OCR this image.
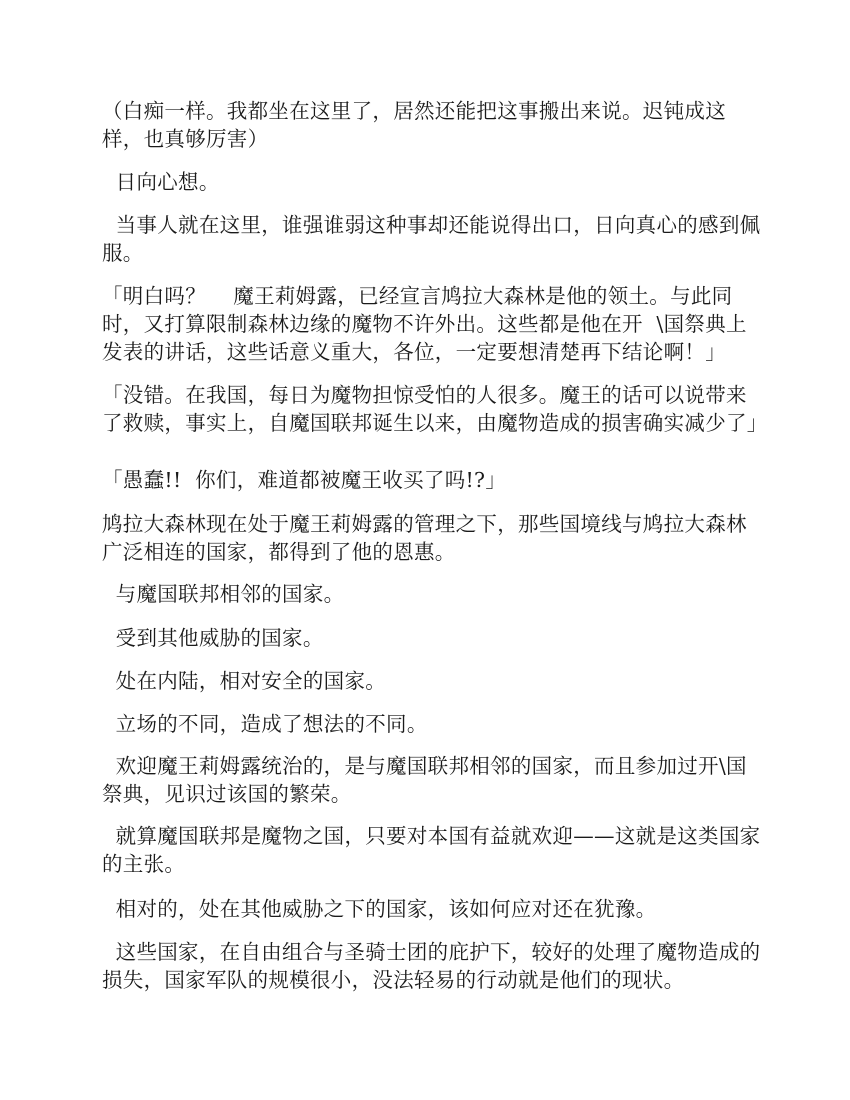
（白痴一样。我都坐在这里了，居然还能把这事搬出来说。迟钝成这样，也真够厉害）

日向心想。

当事人就在这里，谁强谁弱这种事却还能说得出口，日向真心的感到佩服。

「明白吗？    魔王莉姆露，已经宣言鸠拉大森林是他的领土。与此同时，又打算限制森林边缘的魔物不许外出。这些都是他在开  \国祭典上发表的讲话，这些话意义重大，各位，一定要想清楚再下结论啊！」

「没错。在我国，每日为魔物担惊受怕的人很多。魔王的话可以说带来了救赎，事实上，自魔国联邦诞生以来，由魔物造成的损害确实减少了」

「愚蠢!!  你们，难道都被魔王收买了吗!?」

鸠拉大森林现在处于魔王莉姆露的管理之下，那些国境线与鸠拉大森林广泛相连的国家，都得到了他的恩惠。

与魔国联邦相邻的国家。

受到其他威胁的国家。

处在内陆，相对安全的国家。

立场的不同，造成了想法的不同。

欢迎魔王莉姆露统治的，是与魔国联邦相邻的国家，而且参加过开\国祭典，见识过该国的繁荣。

就算魔国联邦是魔物之国，只要对本国有益就欢迎——这就是这类国家的主张。

相对的，处在其他威胁之下的国家，该如何应对还在犹豫。

这些国家，在自由组合与圣骑士团的庇护下，较好的处理了魔物造成的损失，国家军队的规模很小，没法轻易的行动就是他们的现状。
